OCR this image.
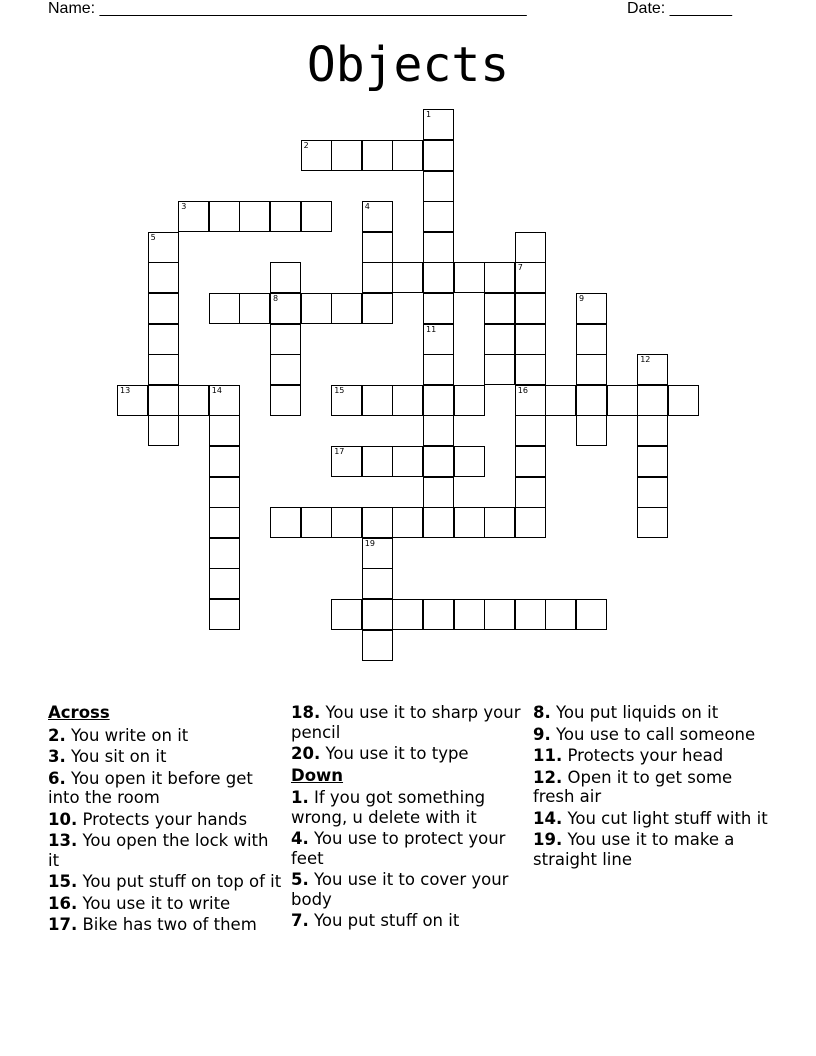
Name: ________________________________________________	Date: _______
Objects
1
2
3
5
4
8
13	14	15
17
11
7
16
9
12
19
Across
2. You write on it
3. You sit on it
6. You open it before get into the room
10. Protects your hands
13. You open the lock with it
15. You put stuff on top of it
16. You use it to write
17. Bike has two of them
18. You use it to sharp your pencil
20. You use it to type
Down
1. If you got something wrong, u delete with it
4. You use to protect your feet
5. You use it to cover your body
7. You put stuff on it
8. You put liquids on it
9. You use to call someone
11. Protects your head
12. Open it to get some fresh air
14. You cut light stuff with it
19. You use it to make a straight line
